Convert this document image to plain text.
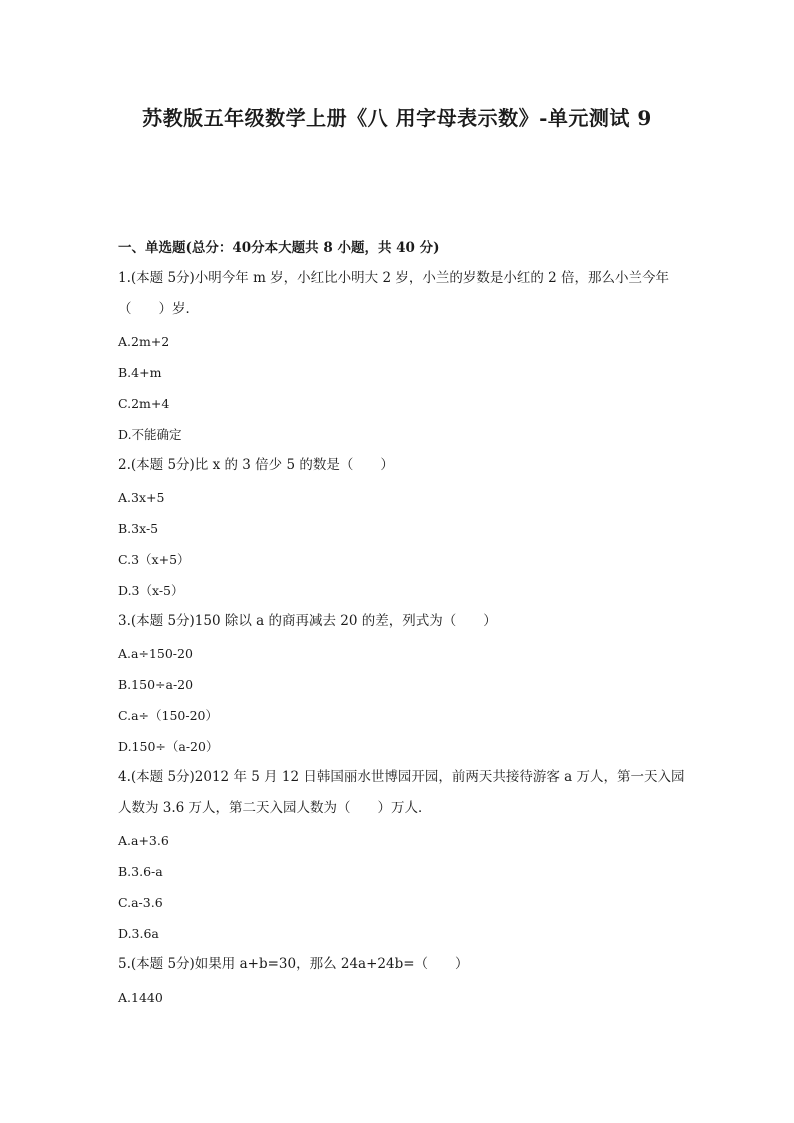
苏教版五年级数学上册《八 用字母表示数》-单元测试 9
一、单选题(总分：40分本大题共 8 小题，共 40 分)
1.(本题 5分)小明今年 m 岁，小红比小明大 2 岁，小兰的岁数是小红的 2 倍，那么小兰今年（　　）岁．
A.2m+2
B.4+m
C.2m+4
D.不能确定
2.(本题 5分)比 x 的 3 倍少 5 的数是（　　）
A.3x+5
B.3x-5
C.3（x+5）
D.3（x-5）
3.(本题 5分)150 除以 a 的商再减去 20 的差，列式为（　　）
A.a÷150-20
B.150÷a-20
C.a÷（150-20）
D.150÷（a-20）
4.(本题 5分)2012 年 5 月 12 日韩国丽水世博园开园，前两天共接待游客 a 万人，第一天入园人数为 3.6 万人，第二天入园人数为（　　）万人．
A.a+3.6
B.3.6-a
C.a-3.6
D.3.6a
5.(本题 5分)如果用 a+b=30，那么 24a+24b=（　　）
A.1440
